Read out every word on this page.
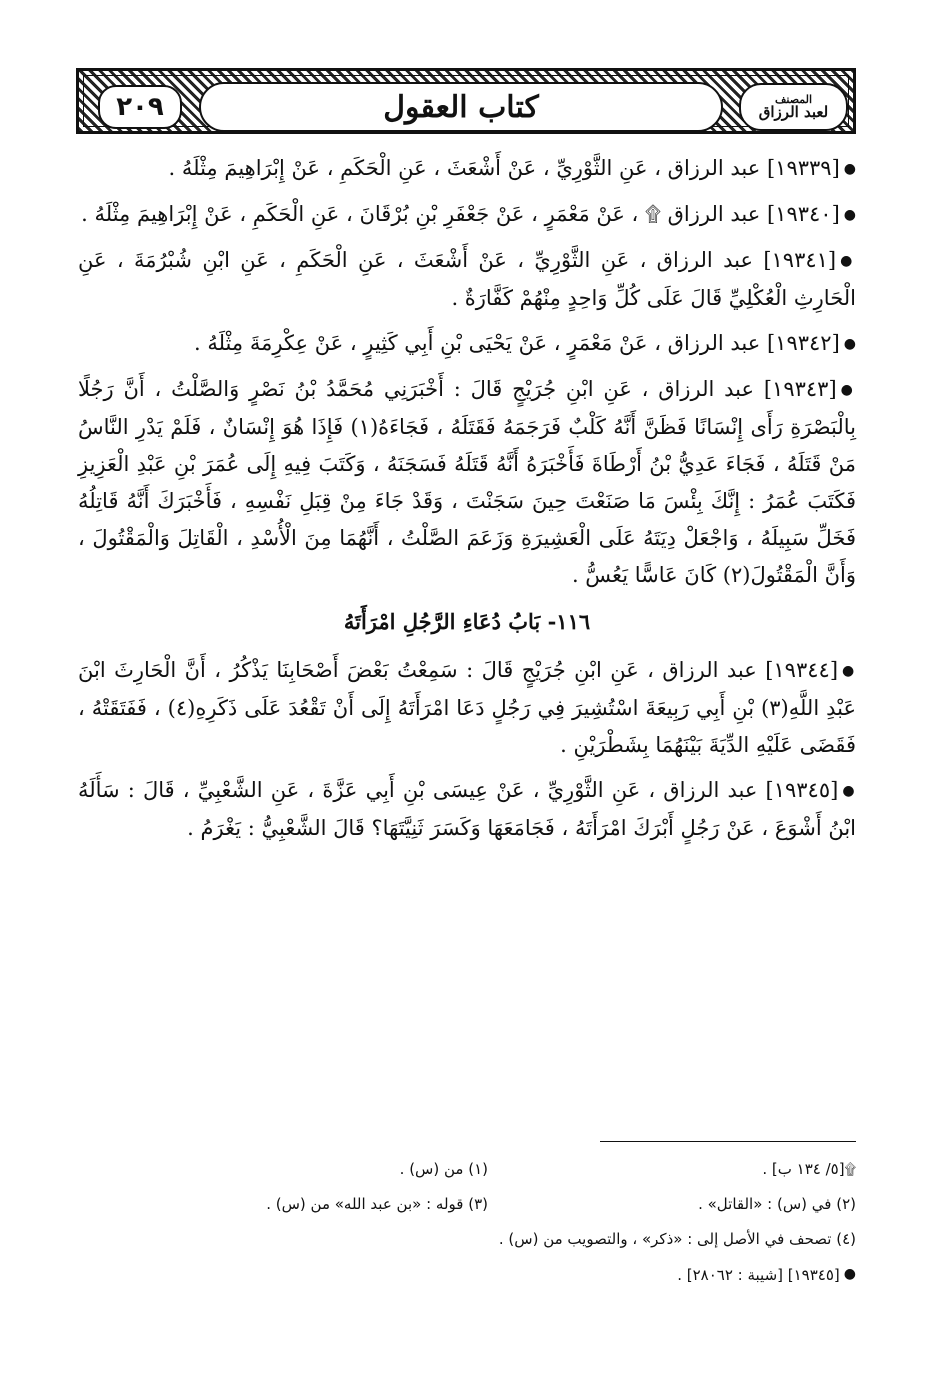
٢٠٩	كتاب العقول	المصنف
لعبد الرزاق

●[١٩٣٣٩] عبد الرزاق ، عَنِ الثَّوْرِيِّ ، عَنْ أَشْعَثَ ، عَنِ الْحَكَمِ ، عَنْ إِبْرَاهِيمَ مِثْلَهُ .

●[١٩٣٤٠] عبد الرزاق ۩ ، عَنْ مَعْمَرٍ ، عَنْ جَعْفَرِ بْنِ بُرْقَانَ ، عَنِ الْحَكَمِ ، عَنْ إِبْرَاهِيمَ مِثْلَهُ .

●[١٩٣٤١] عبد الرزاق ، عَنِ الثَّوْرِيِّ ، عَنْ أَشْعَثَ ، عَنِ الْحَكَمِ ، عَنِ ابْنِ شُبْرُمَةَ ، عَنِ الْحَارِثِ الْعُكْلِيِّ قَالَ عَلَى كُلِّ وَاحِدٍ مِنْهُمْ كَفَّارَةٌ .

●[١٩٣٤٢] عبد الرزاق ، عَنْ مَعْمَرٍ ، عَنْ يَحْيَى بْنِ أَبِي كَثِيرٍ ، عَنْ عِكْرِمَةَ مِثْلَهُ .

●[١٩٣٤٣] عبد الرزاق ، عَنِ ابْنِ جُرَيْجٍ قَالَ : أَخْبَرَنِي مُحَمَّدُ بْنُ نَصْرٍ وَالصَّلْتُ ، أَنَّ رَجُلًا بِالْبَصْرَةِ رَأَى إِنْسَانًا فَظَنَّ أَنَّهُ كَلْبٌ فَرَجَمَهُ فَقَتَلَهُ ، فَجَاءَهُ(١) فَإِذَا هُوَ إِنْسَانٌ ، فَلَمْ يَدْرِ النَّاسُ مَنْ قَتَلَهُ ، فَجَاءَ عَدِيُّ بْنُ أَرْطَاةَ فَأَخْبَرَهُ أَنَّهُ قَتَلَهُ فَسَجَنَهُ ، وَكَتَبَ فِيهِ إِلَى عُمَرَ بْنِ عَبْدِ الْعَزِيزِ فَكَتَبَ عُمَرُ : إِنَّكَ بِئْسَ مَا صَنَعْتَ حِينَ سَجَنْتَ ، وَقَدْ جَاءَ مِنْ قِبَلِ نَفْسِهِ ، فَأَخْبَرَكَ أَنَّهُ قَاتِلُهُ فَخَلِّ سَبِيلَهُ ، وَاجْعَلْ دِيَتَهُ عَلَى الْعَشِيرَةِ وَزَعَمَ الصَّلْتُ ، أَنَّهُمَا مِنَ الْأُسْدِ ، الْقَاتِلَ وَالْمَقْتُولَ ، وَأَنَّ الْمَقْتُولَ(٢) كَانَ عَاسًّا يَعُسُّ .

١١٦- بَابُ دُعَاءِ الرَّجُلِ امْرَأَتَهُ

●[١٩٣٤٤] عبد الرزاق ، عَنِ ابْنِ جُرَيْجٍ قَالَ : سَمِعْتُ بَعْضَ أَصْحَابِنَا يَذْكُرُ ، أَنَّ الْحَارِثَ ابْنَ عَبْدِ اللَّهِ(٣) بْنِ أَبِي رَبِيعَةَ اسْتُشِيرَ فِي رَجُلٍ دَعَا امْرَأَتَهُ إِلَى أَنْ تَقْعُدَ عَلَى ذَكَرِهِ(٤) ، فَفَتَقَتْهُ ، فَقَضَى عَلَيْهِ الدِّيَةَ بَيْنَهُمَا بِشَطْرَيْنِ .

●[١٩٣٤٥] عبد الرزاق ، عَنِ الثَّوْرِيِّ ، عَنْ عِيسَى بْنِ أَبِي عَزَّةَ ، عَنِ الشَّعْبِيِّ ، قَالَ : سَأَلَهُ ابْنُ أَشْوَعَ ، عَنْ رَجُلٍ أَبْرَكَ امْرَأَتَهُ ، فَجَامَعَهَا وَكَسَرَ ثَنِيَّتَهَا؟ قَالَ الشَّعْبِيُّ : يَغْرَمُ .

۩[٥/ ١٣٤ ب] .
(١) من (س) .
(٢) في (س) : «القاتل» .
(٣) قوله : «بن عبد الله» من (س) .
(٤) تصحف في الأصل إلى : «ذكر» ، والتصويب من (س) .
●[١٩٣٤٥] [شيبة : ٢٨٠٦٢] .
